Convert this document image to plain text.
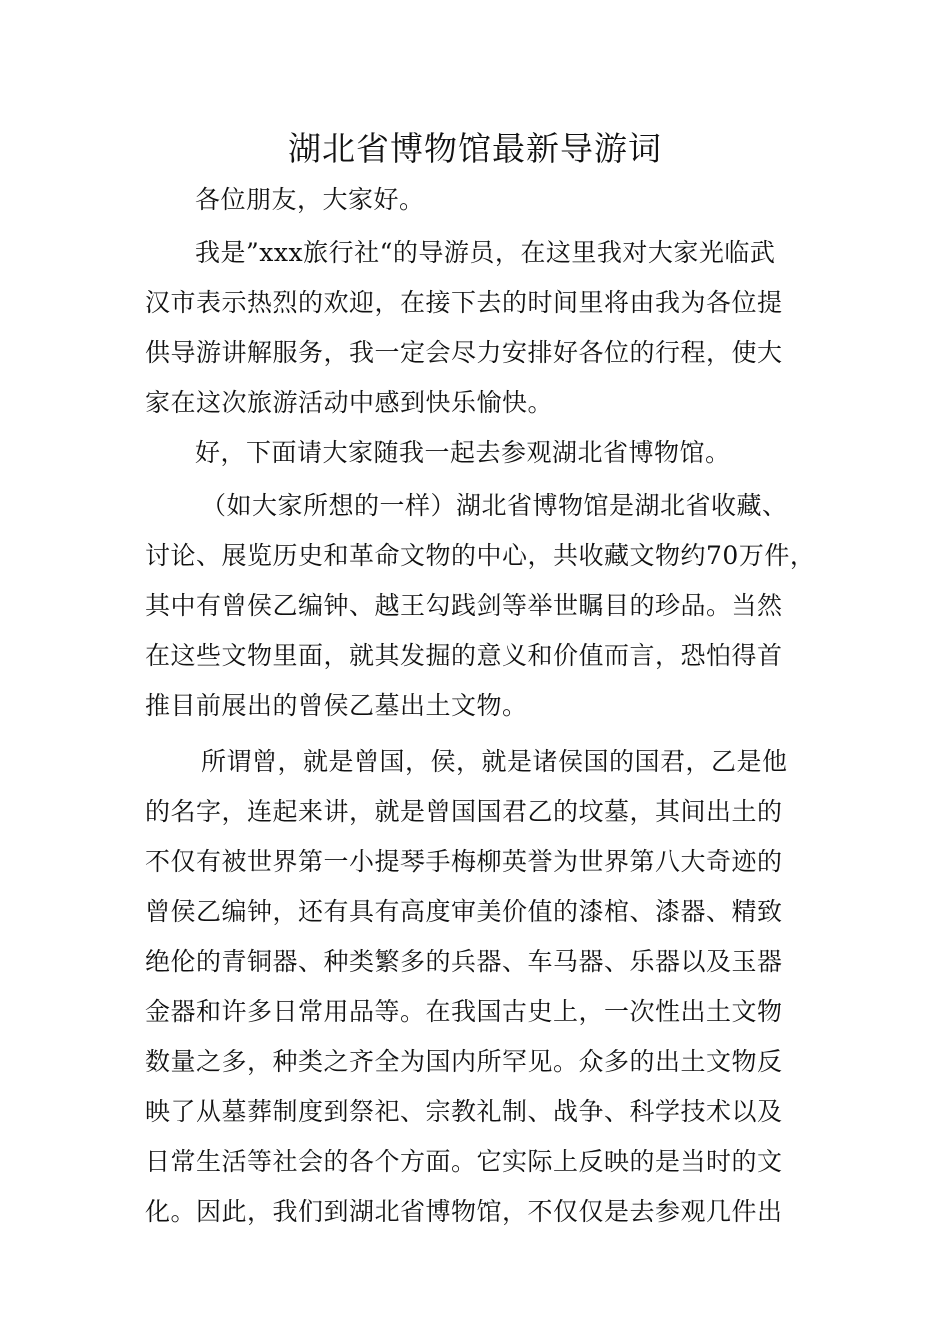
湖北省博物馆最新导游词

各位朋友，大家好。

我是”xxx旅行社“的导游员，在这里我对大家光临武
汉市表示热烈的欢迎，在接下去的时间里将由我为各位提
供导游讲解服务，我一定会尽力安排好各位的行程，使大
家在这次旅游活动中感到快乐愉快。

好，下面请大家随我一起去参观湖北省博物馆。

（如大家所想的一样）湖北省博物馆是湖北省收藏、
讨论、展览历史和革命文物的中心，共收藏文物约70万件，
其中有曾侯乙编钟、越王勾践剑等举世瞩目的珍品。当然
在这些文物里面，就其发掘的意义和价值而言，恐怕得首
推目前展出的曾侯乙墓出土文物。

所谓曾，就是曾国，侯，就是诸侯国的国君，乙是他
的名字，连起来讲，就是曾国国君乙的坟墓，其间出土的
不仅有被世界第一小提琴手梅柳英誉为世界第八大奇迹的
曾侯乙编钟，还有具有高度审美价值的漆棺、漆器、精致
绝伦的青铜器、种类繁多的兵器、车马器、乐器以及玉器
金器和许多日常用品等。在我国古史上，一次性出土文物
数量之多，种类之齐全为国内所罕见。众多的出土文物反
映了从墓葬制度到祭祀、宗教礼制、战争、科学技术以及
日常生活等社会的各个方面。它实际上反映的是当时的文
化。因此，我们到湖北省博物馆，不仅仅是去参观几件出
